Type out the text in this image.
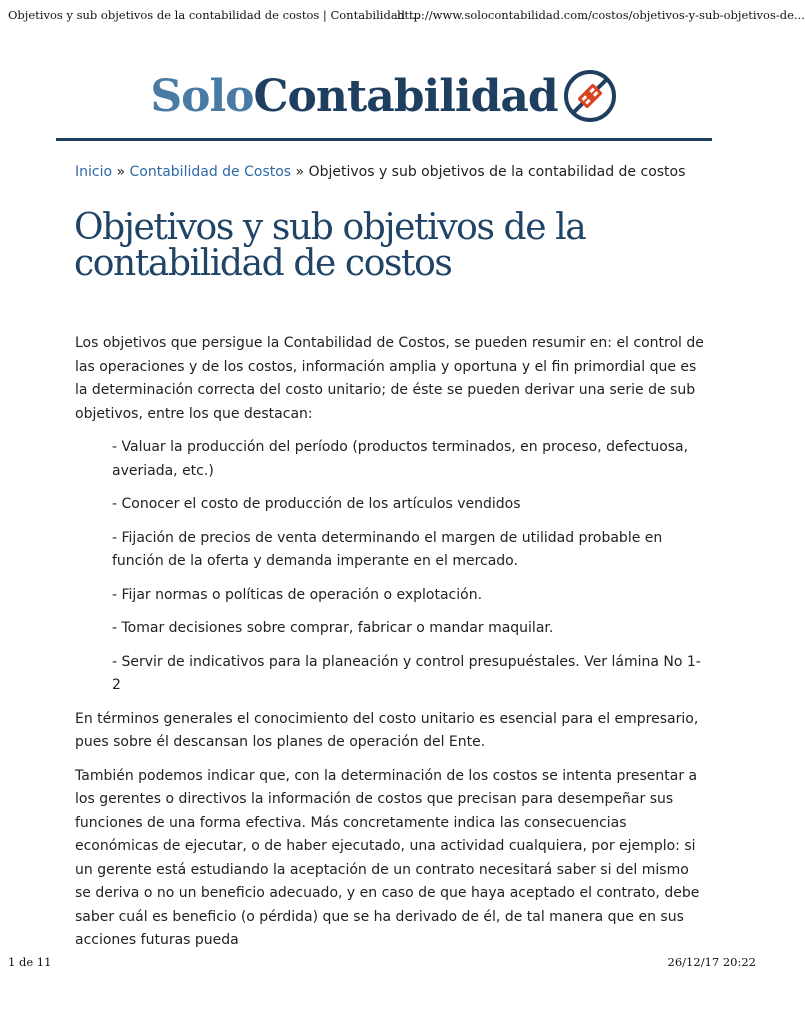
Objetivos y sub objetivos de la contabilidad de costos | Contabilidad ...
http://www.solocontabilidad.com/costos/objetivos-y-sub-objetivos-de...
SoloContabilidad
Inicio » Contabilidad de Costos » Objetivos y sub objetivos de la contabilidad de costos
Objetivos y sub objetivos de la contabilidad de costos

Los objetivos que persigue la Contabilidad de Costos, se pueden resumir en: el control de las operaciones y de los costos, información amplia y oportuna y el fin primordial que es la determinación correcta del costo unitario; de éste se pueden derivar una serie de sub objetivos, entre los que destacan:

- Valuar la producción del período (productos terminados, en proceso, defectuosa, averiada, etc.)
- Conocer el costo de producción de los artículos vendidos
- Fijación de precios de venta determinando el margen de utilidad probable en función de la oferta y demanda imperante en el mercado.
- Fijar normas o políticas de operación o explotación.
- Tomar decisiones sobre comprar, fabricar o mandar maquilar.
- Servir de indicativos para la planeación y control presupuéstales. Ver lámina No 1-2

En términos generales el conocimiento del costo unitario es esencial para el empresario, pues sobre él descansan los planes de operación del Ente.

También podemos indicar que, con la determinación de los costos se intenta presentar a los gerentes o directivos la información de costos que precisan para desempeñar sus funciones de una forma efectiva. Más concretamente indica las consecuencias económicas de ejecutar, o de haber ejecutado, una actividad cualquiera, por ejemplo: si un gerente está estudiando la aceptación de un contrato necesitará saber si del mismo se deriva o no un beneficio adecuado, y en caso de que haya aceptado el contrato, debe saber cuál es beneficio (o pérdida) que se ha derivado de él, de tal manera que en sus acciones futuras pueda

1 de 11	26/12/17 20:22
